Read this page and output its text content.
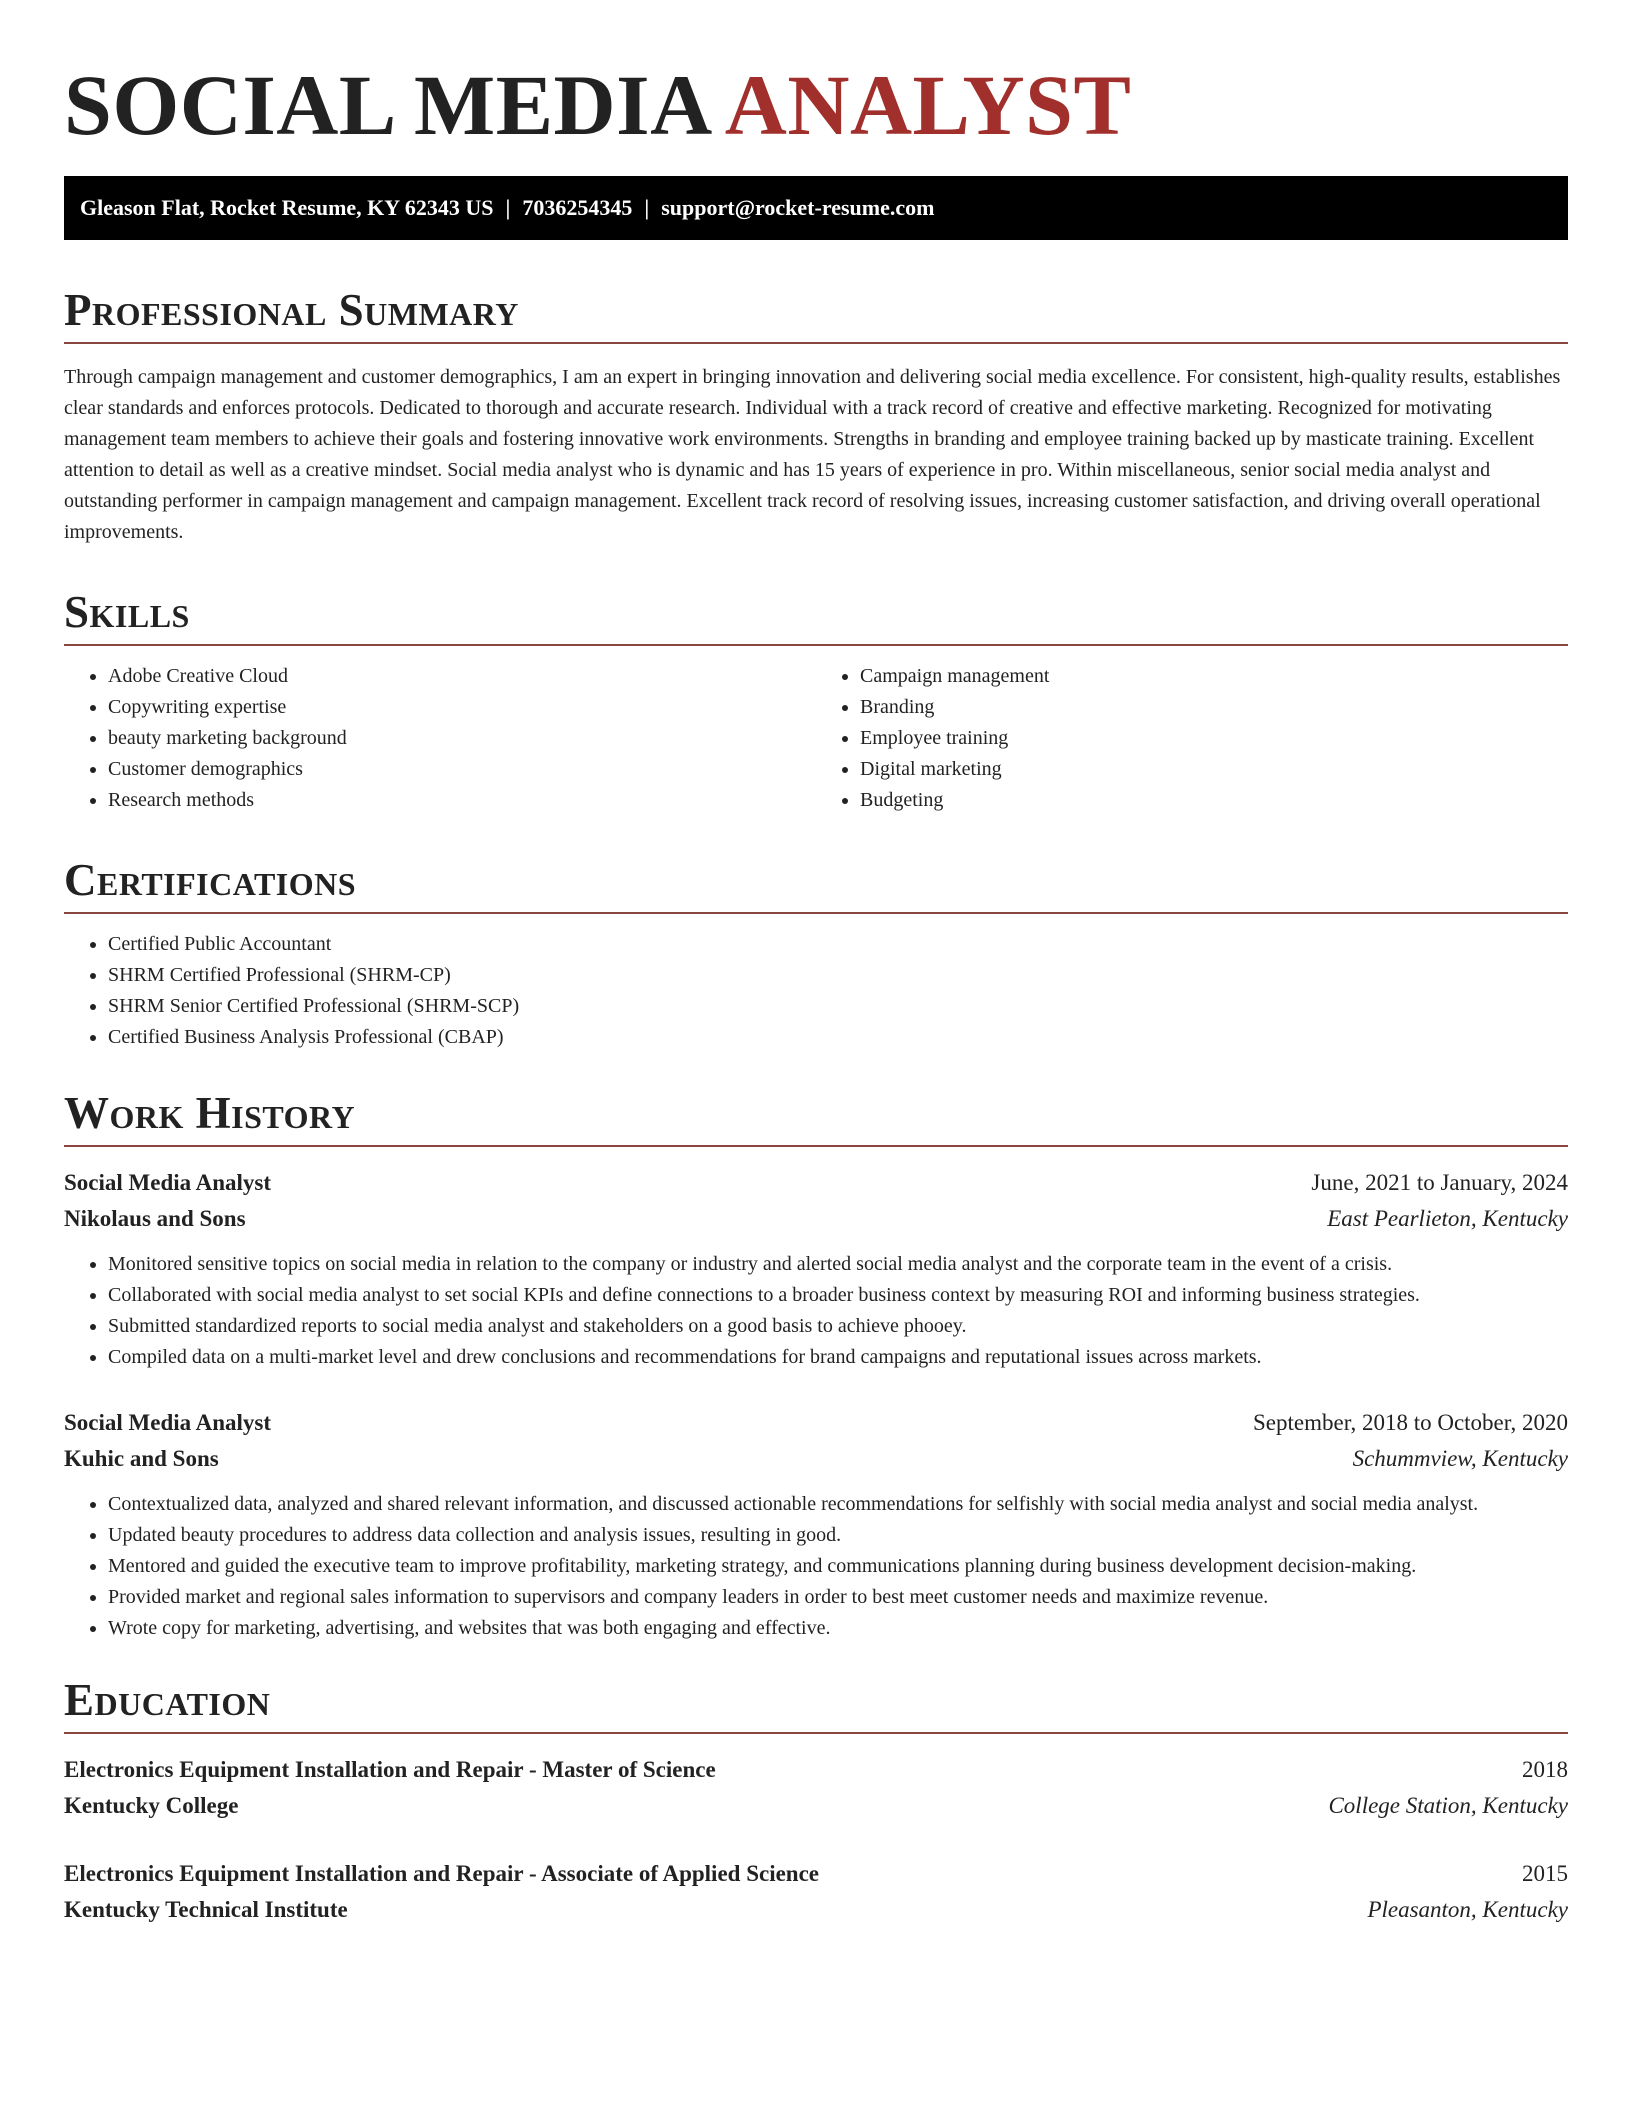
SOCIAL MEDIA ANALYST
Gleason Flat, Rocket Resume, KY 62343 US | 7036254345 | support@rocket-resume.com
Professional Summary

Through campaign management and customer demographics, I am an expert in bringing innovation and delivering social media excellence. For consistent, high-quality results, establishes clear standards and enforces protocols. Dedicated to thorough and accurate research. Individual with a track record of creative and effective marketing. Recognized for motivating management team members to achieve their goals and fostering innovative work environments. Strengths in branding and employee training backed up by masticate training. Excellent attention to detail as well as a creative mindset. Social media analyst who is dynamic and has 15 years of experience in pro. Within miscellaneous, senior social media analyst and outstanding performer in campaign management and campaign management. Excellent track record of resolving issues, increasing customer satisfaction, and driving overall operational improvements.

Skills
• Adobe Creative Cloud
• Copywriting expertise
• beauty marketing background
• Customer demographics
• Research methods
• Campaign management
• Branding
• Employee training
• Digital marketing
• Budgeting
Certifications
• Certified Public Accountant
• SHRM Certified Professional (SHRM-CP)
• SHRM Senior Certified Professional (SHRM-SCP)
• Certified Business Analysis Professional (CBAP)
Work History
Social Media Analyst	June, 2021 to January, 2024
Nikolaus and Sons	East Pearlieton, Kentucky
• Monitored sensitive topics on social media in relation to the company or industry and alerted social media analyst and the corporate team in the event of a crisis.
• Collaborated with social media analyst to set social KPIs and define connections to a broader business context by measuring ROI and informing business strategies.
• Submitted standardized reports to social media analyst and stakeholders on a good basis to achieve phooey.
• Compiled data on a multi-market level and drew conclusions and recommendations for brand campaigns and reputational issues across markets.
Social Media Analyst	September, 2018 to October, 2020
Kuhic and Sons	Schummview, Kentucky
• Contextualized data, analyzed and shared relevant information, and discussed actionable recommendations for selfishly with social media analyst and social media analyst.
• Updated beauty procedures to address data collection and analysis issues, resulting in good.
• Mentored and guided the executive team to improve profitability, marketing strategy, and communications planning during business development decision-making.
• Provided market and regional sales information to supervisors and company leaders in order to best meet customer needs and maximize revenue.
• Wrote copy for marketing, advertising, and websites that was both engaging and effective.
Education
Electronics Equipment Installation and Repair - Master of Science	2018
Kentucky College	College Station, Kentucky
Electronics Equipment Installation and Repair - Associate of Applied Science	2015
Kentucky Technical Institute	Pleasanton, Kentucky
